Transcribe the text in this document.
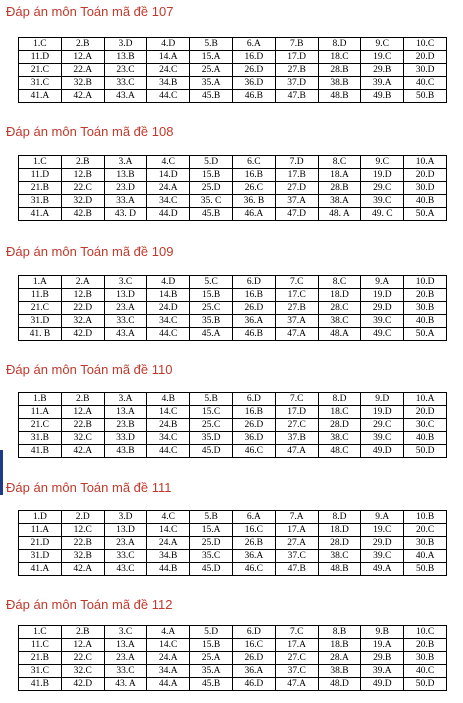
Đáp án môn Toán mã đề 107

1.C	2.B	3.D	4.D	5.B	6.A	7.B	8.D	9.C	10.C
11.D	12.A	13.B	14.A	15.A	16.D	17.D	18.C	19.C	20.D
21.C	22.A	23.C	24.C	25.A	26.D	27.B	28.B	29.B	30.D
31.C	32.B	33.C	34.B	35.A	36.D	37.D	38.B	39.A	40.C
41.A	42.A	43.A	44.C	45.B	46.B	47.B	48.B	49.B	50.B

Đáp án môn Toán mã đề 108

1.C	2.B	3.A	4.C	5.D	6.C	7.D	8.C	9.C	10.A
11.D	12.B	13.B	14.D	15.B	16.B	17.B	18.A	19.D	20.D
21.B	22.C	23.D	24.A	25.D	26.C	27.D	28.B	29.C	30.D
31.B	32.D	33.A	34.C	35. C	36. B	37.A	38.A	39.C	40.B
41.A	42.B	43. D	44.D	45.B	46.A	47.D	48. A	49. C	50.A

Đáp án môn Toán mã đề 109

1.A	2.A	3.C	4.D	5.C	6.D	7.C	8.C	9.A	10.D
11.B	12.B	13.D	14.B	15.B	16.B	17.C	18.D	19.D	20.B
21.C	22.D	23.A	24.D	25.C	26.D	27.B	28.C	29.D	30.B
31.D	32.A	33.C	34.C	35.B	36.A	37.A	38.C	39.C	40.B
41. B	42.D	43.A	44.C	45.A	46.B	47.A	48.A	49.C	50.A

Đáp án môn Toán mã đề 110

1.B	2.B	3.A	4.B	5.B	6.D	7.C	8.D	9.D	10.A
11.A	12.A	13.A	14.C	15.C	16.B	17.D	18.C	19.D	20.D
21.C	22.B	23.B	24.B	25.C	26.D	27.C	28.D	29.C	30.C
31.B	32.C	33.D	34.C	35.D	36.D	37.B	38.C	39.C	40.B
41.B	42.A	43.B	44.C	45.D	46.C	47.A	48.C	49.D	50.D

Đáp án môn Toán mã đề 111

1.D	2.D	3.D	4.C	5.B	6.A	7.A	8.D	9.A	10.B
11.A	12.C	13.D	14.C	15.A	16.C	17.A	18.D	19.C	20.C
21.D	22.B	23.A	24.A	25.D	26.B	27.A	28.D	29.D	30.B
31.D	32.B	33.C	34.B	35.C	36.A	37.C	38.C	39.C	40.A
41.A	42.A	43.C	44.B	45.D	46.C	47.B	48.B	49.A	50.B

Đáp án môn Toán mã đề 112

1.C	2.B	3.C	4.A	5.D	6.D	7.C	8.B	9.B	10.C
11.C	12.A	13.A	14.C	15.B	16.C	17.A	18.B	19.A	20.B
21.B	22.C	23.A	24.A	25.A	26.D	27.C	28.A	29.B	30.B
31.C	32.C	33.C	34.A	35.A	36.A	37.C	38.B	39.A	40.C
41.B	42.D	43. A	44.A	45.B	46.D	47.A	48.D	49.D	50.D
